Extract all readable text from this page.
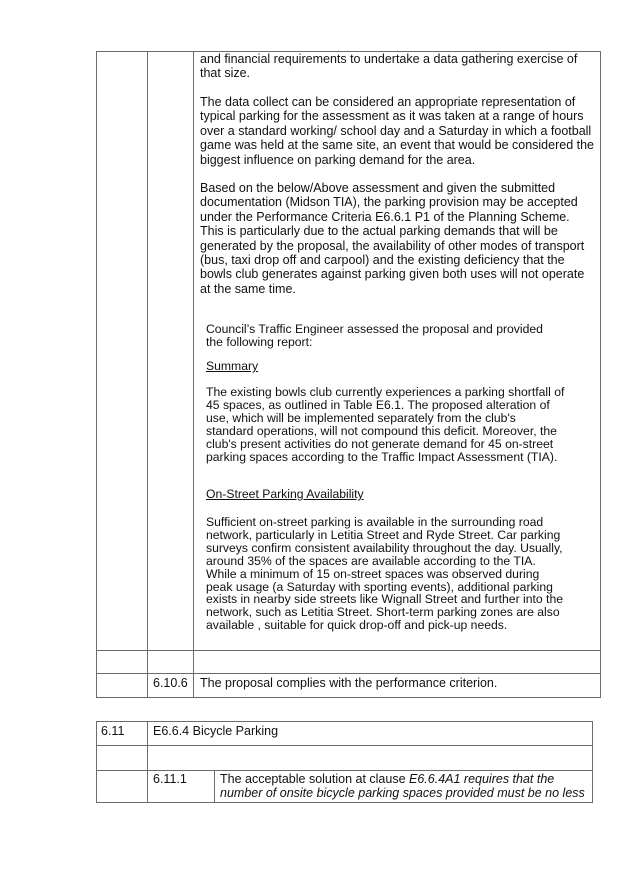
and financial requirements to undertake a data gathering exercise of that size.

The data collect can be considered an appropriate representation of typical parking for the assessment as it was taken at a range of hours over a standard working/ school day and a Saturday in which a football game was held at the same site, an event that would be considered the biggest influence on parking demand for the area.

Based on the below/Above assessment and given the submitted documentation (Midson TIA), the parking provision may be accepted under the Performance Criteria E6.6.1 P1 of the Planning Scheme. This is particularly due to the actual parking demands that will be generated by the proposal, the availability of other modes of transport (bus, taxi drop off and carpool) and the existing deficiency that the bowls club generates against parking given both uses will not operate at the same time.

Council’s Traffic Engineer assessed the proposal and provided the following report:

Summary

The existing bowls club currently experiences a parking shortfall of 45 spaces, as outlined in Table E6.1. The proposed alteration of use, which will be implemented separately from the club's standard operations, will not compound this deficit. Moreover, the club's present activities do not generate demand for 45 on-street parking spaces according to the Traffic Impact Assessment (TIA).

On-Street Parking Availability

Sufficient on-street parking is available in the surrounding road network, particularly in Letitia Street and Ryde Street. Car parking surveys confirm consistent availability throughout the day. Usually, around 35% of the spaces are available according to the TIA. While a minimum of 15 on-street spaces was observed during peak usage (a Saturday with sporting events), additional parking exists in nearby side streets like Wignall Street and further into the network, such as Letitia Street. Short-term parking zones are also available , suitable for quick drop-off and pick-up needs.

6.10.6 The proposal complies with the performance criterion.
6.11 E6.6.4 Bicycle Parking
6.11.1	The acceptable solution at clause E6.6.4A1 requires that the number of onsite bicycle parking spaces provided must be no less
